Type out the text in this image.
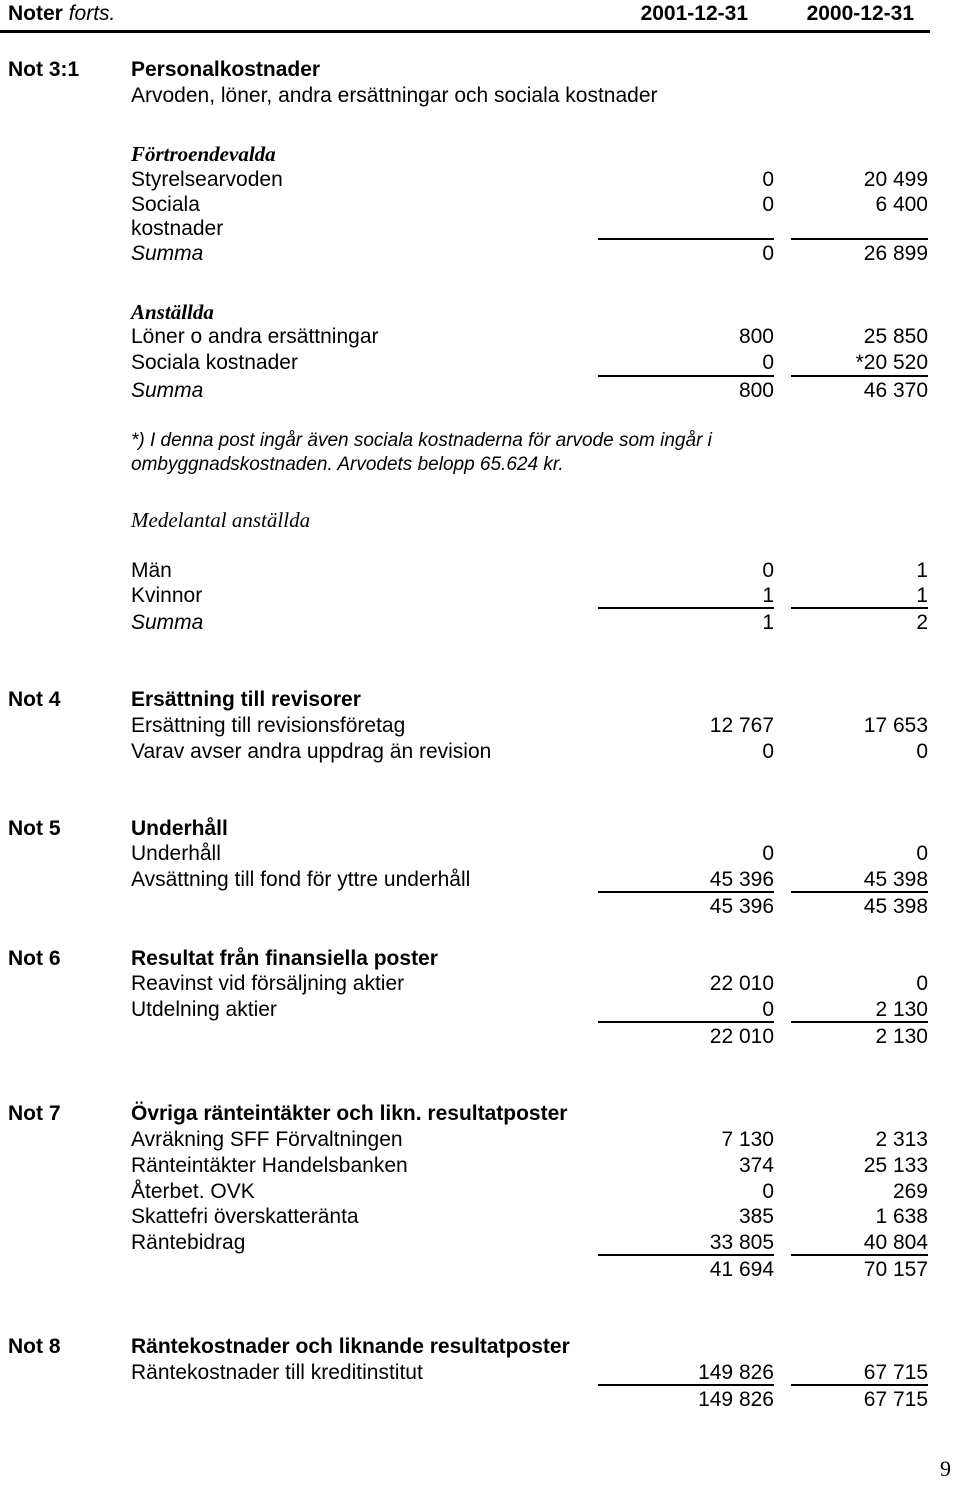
Noter forts.	2001-12-31	2000-12-31
Not 3:1 Personalkostnader
Arvoden, löner, andra ersättningar och sociala kostnader
Förtroendevalda
Styrelsearvoden	0	20 499
Sociala	0	6 400
kostnader
Summa	0	26 899
Anställda
Löner o andra ersättningar	800	25 850
Sociala kostnader	0	*20 520
Summa	800	46 370
*) I denna post ingår även sociala kostnaderna för arvode som ingår i
ombyggnadskostnaden. Arvodets belopp 65.624 kr.
Medelantal anställda
Män	0	1
Kvinnor	1	1
Summa	1	2
Not 4	Ersättning till revisorer
Ersättning till revisionsföretag	12 767	17 653
Varav avser andra uppdrag än revision	0	0
Not 5	Underhåll
Underhåll	0	0
Avsättning till fond för yttre underhåll	45 396	45 398
45 396	45 398
Not 6	Resultat från finansiella poster
Reavinst vid försäljning aktier	22 010	0
Utdelning aktier	0	2 130
22 010	2 130
Not 7	Övriga ränteintäkter och likn. resultatposter
Avräkning SFF Förvaltningen	7 130	2 313
Ränteintäkter Handelsbanken	374	25 133
Återbet. OVK	0	269
Skattefri överskatteränta	385	1 638
Räntebidrag	33 805	40 804
41 694	70 157
Not 8	Räntekostnader och liknande resultatposter
Räntekostnader till kreditinstitut	149 826	67 715
149 826	67 715
9
